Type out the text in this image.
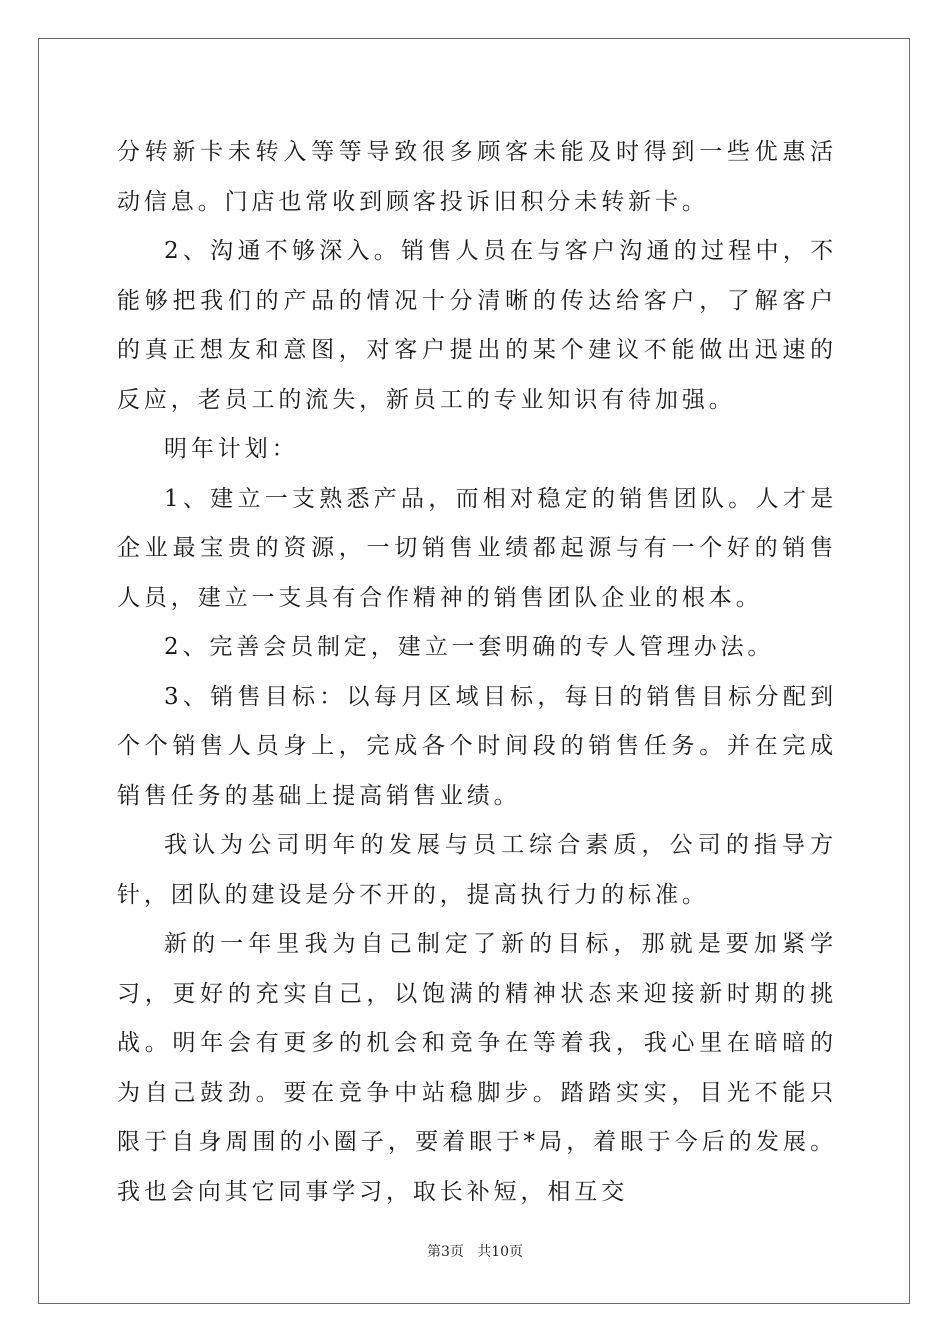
分转新卡未转入等等导致很多顾客未能及时得到一些优惠活动信息。门店也常收到顾客投诉旧积分未转新卡。

2、沟通不够深入。销售人员在与客户沟通的过程中，不能够把我们的产品的情况十分清晰的传达给客户，了解客户的真正想友和意图，对客户提出的某个建议不能做出迅速的反应，老员工的流失，新员工的专业知识有待加强。

明年计划：

1、建立一支熟悉产品，而相对稳定的销售团队。人才是企业最宝贵的资源，一切销售业绩都起源与有一个好的销售人员，建立一支具有合作精神的销售团队企业的根本。

2、完善会员制定，建立一套明确的专人管理办法。

3、销售目标：以每月区域目标，每日的销售目标分配到个个销售人员身上，完成各个时间段的销售任务。并在完成销售任务的基础上提高销售业绩。

我认为公司明年的发展与员工综合素质，公司的指导方针，团队的建设是分不开的，提高执行力的标准。

新的一年里我为自己制定了新的目标，那就是要加紧学习，更好的充实自己，以饱满的精神状态来迎接新时期的挑战。明年会有更多的机会和竞争在等着我，我心里在暗暗的为自己鼓劲。要在竞争中站稳脚步。踏踏实实，目光不能只限于自身周围的小圈子，要着眼于*局，着眼于今后的发展。我也会向其它同事学习，取长补短，相互交

第3页   共10页
